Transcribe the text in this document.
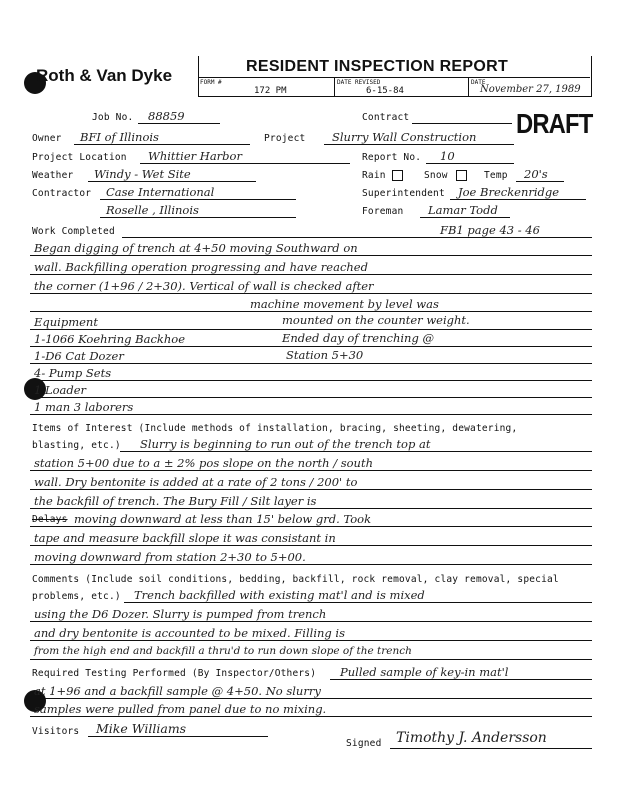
Roth & Van Dyke	RESIDENT INSPECTION REPORT
FORM #
172 PM
DATE REVISED
6-15-84
DATE
November 27, 1989
DRAFT
Job No. 88859	Contract
Owner BFI of Illinois	Project Slurry Wall Construction
Project Location Whittier Harbor	Report No. 10
Weather Windy - Wet Site	Rain	Snow	Temp 20's
Contractor Case International
Roselle , Illinois
Superintendent Joe Breckenridge
Foreman Lamar Todd
Work Completed	FB1 page 43 - 46
Began digging of trench at 4+50 moving Southward on
wall. Backfilling operation progressing and have reached
the corner (1+96 / 2+30). Vertical of wall is checked after
machine movement by level was
Equipment	mounted on the counter weight.
1-1066 Koehring Backhoe	Ended day of trenching @
1-D6 Cat Dozer	Station 5+30
4- Pump Sets
1 Loader
1 man 3 laborers
Items of Interest (Include methods of installation, bracing, sheeting, dewatering,
blasting, etc.) Slurry is beginning to run out of the trench top at
station 5+00 due to a ± 2% pos slope on the north / south
wall. Dry bentonite is added at a rate of 2 tons / 200' to
the backfill of trench. The Bury Fill / Silt layer is
Delays moving downward at less than 15' below grd. Took
tape and measure backfill slope it was consistant in
moving downward from station 2+30 to 5+00.
Comments (Include soil conditions, bedding, backfill, rock removal, clay removal, special
problems, etc.) Trench backfilled with existing mat'l and is mixed
using the D6 Dozer. Slurry is pumped from trench
and dry bentonite is accounted to be mixed. Filling is
from the high end and backfill a thru'd to run down slope of the trench
Required Testing Performed (By Inspector/Others) Pulled sample of key-in mat'l
at 1+96 and a backfill sample @ 4+50. No slurry
samples were pulled from panel due to no mixing.
Visitors Mike Williams
Signed Timothy J. Andersson
